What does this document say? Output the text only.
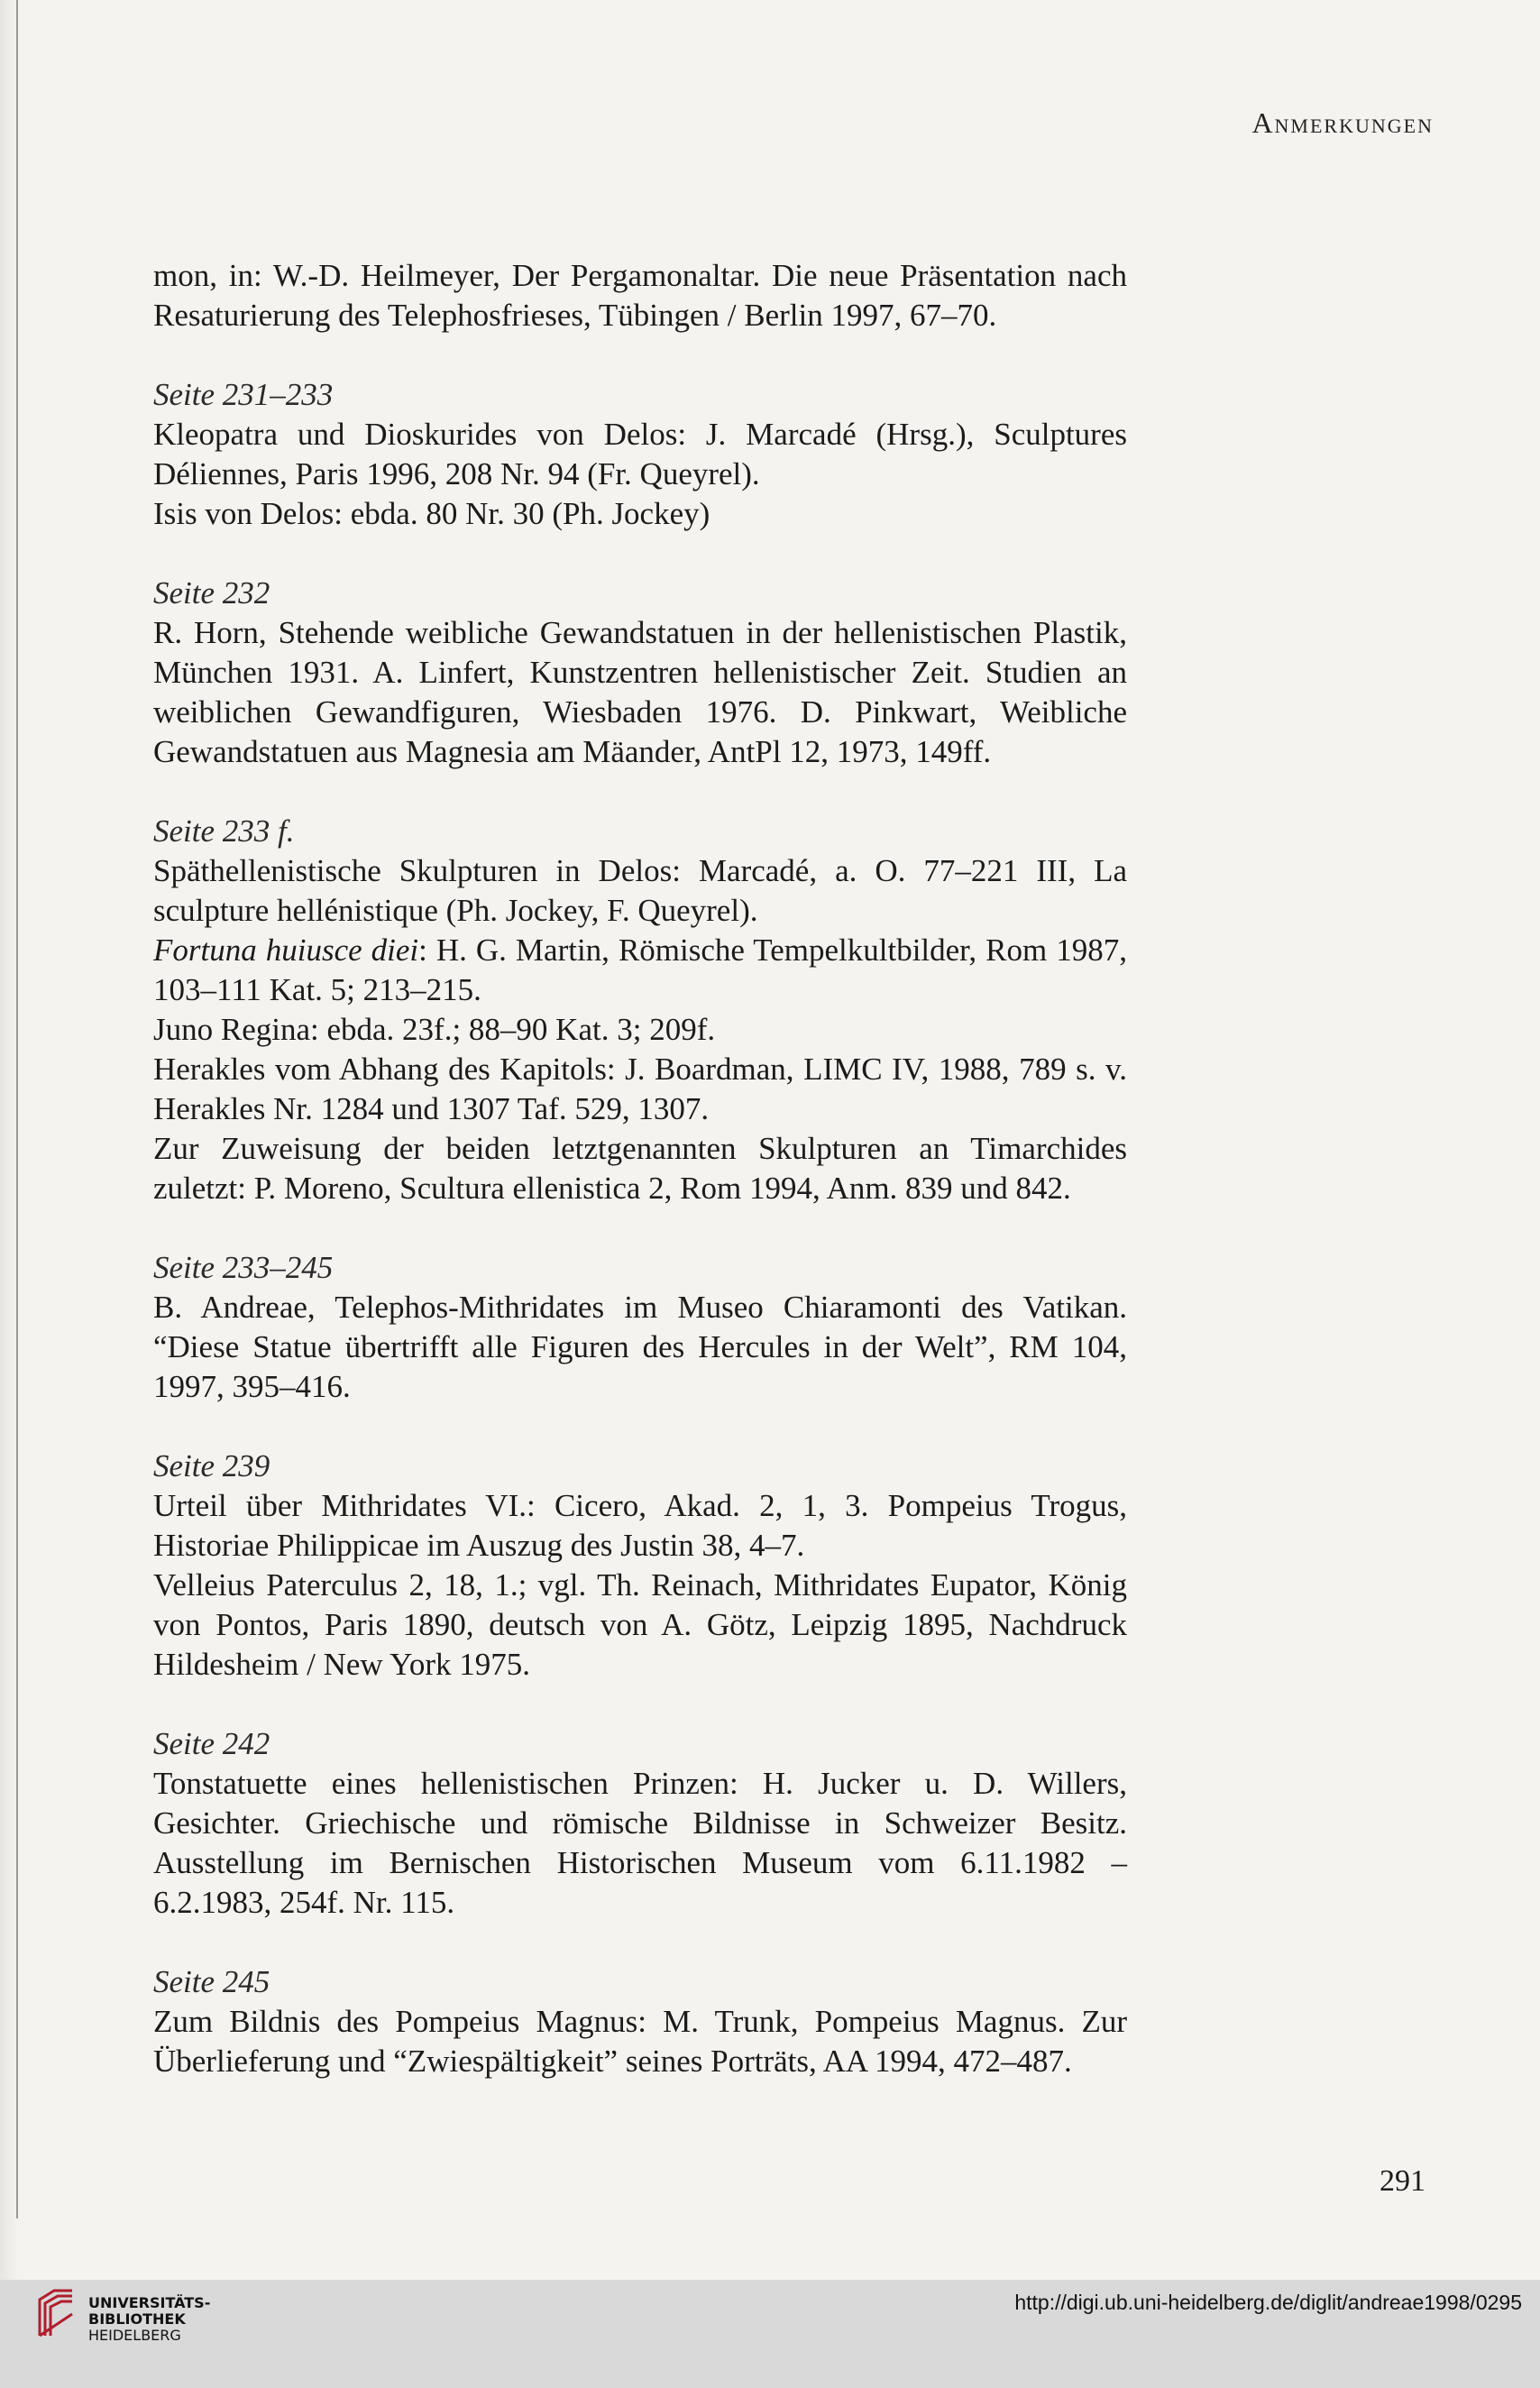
Anmerkungen

mon, in: W.-D. Heilmeyer, Der Pergamonaltar. Die neue Präsentation nach Resaturierung des Telephosfrieses, Tübingen / Berlin 1997, 67–70.

Seite 231–233

Kleopatra und Dioskurides von Delos: J. Marcadé (Hrsg.), Sculptures Déliennes, Paris 1996, 208 Nr. 94 (Fr. Queyrel).

Isis von Delos: ebda. 80 Nr. 30 (Ph. Jockey)

Seite 232

R. Horn, Stehende weibliche Gewandstatuen in der hellenistischen Plastik, München 1931. A. Linfert, Kunstzentren hellenistischer Zeit. Studien an weiblichen Gewandfiguren, Wiesbaden 1976. D. Pinkwart, Weibliche Gewandstatuen aus Magnesia am Mäander, AntPl 12, 1973, 149ff.

Seite 233 f.

Späthellenistische Skulpturen in Delos: Marcadé, a. O. 77–221 III, La sculpture hellénistique (Ph. Jockey, F. Queyrel).

Fortuna huiusce diei: H. G. Martin, Römische Tempelkultbilder, Rom 1987, 103–111 Kat. 5; 213–215.

Juno Regina: ebda. 23f.; 88–90 Kat. 3; 209f.

Herakles vom Abhang des Kapitols: J. Boardman, LIMC IV, 1988, 789 s. v. Herakles Nr. 1284 und 1307 Taf. 529, 1307.

Zur Zuweisung der beiden letztgenannten Skulpturen an Timarchides zuletzt: P. Moreno, Scultura ellenistica 2, Rom 1994, Anm. 839 und 842.

Seite 233–245

B. Andreae, Telephos-Mithridates im Museo Chiaramonti des Vatikan. “Diese Statue übertrifft alle Figuren des Hercules in der Welt”, RM 104, 1997, 395–416.

Seite 239

Urteil über Mithridates VI.: Cicero, Akad. 2, 1, 3. Pompeius Trogus, Historiae Philippicae im Auszug des Justin 38, 4–7.

Velleius Paterculus 2, 18, 1.; vgl. Th. Reinach, Mithridates Eupator, König von Pontos, Paris 1890, deutsch von A. Götz, Leipzig 1895, Nachdruck Hildesheim / New York 1975.

Seite 242

Tonstatuette eines hellenistischen Prinzen: H. Jucker u. D. Willers, Gesichter. Griechische und römische Bildnisse in Schweizer Besitz. Ausstellung im Bernischen Historischen Museum vom 6.11.1982 – 6.2.1983, 254f. Nr. 115.

Seite 245

Zum Bildnis des Pompeius Magnus: M. Trunk, Pompeius Magnus. Zur Überlieferung und “Zwiespältigkeit” seines Porträts, AA 1994, 472–487.

291
UNIVERSITÄTS-
BIBLIOTHEK
HEIDELBERG
http://digi.ub.uni-heidelberg.de/diglit/andreae1998/0295
